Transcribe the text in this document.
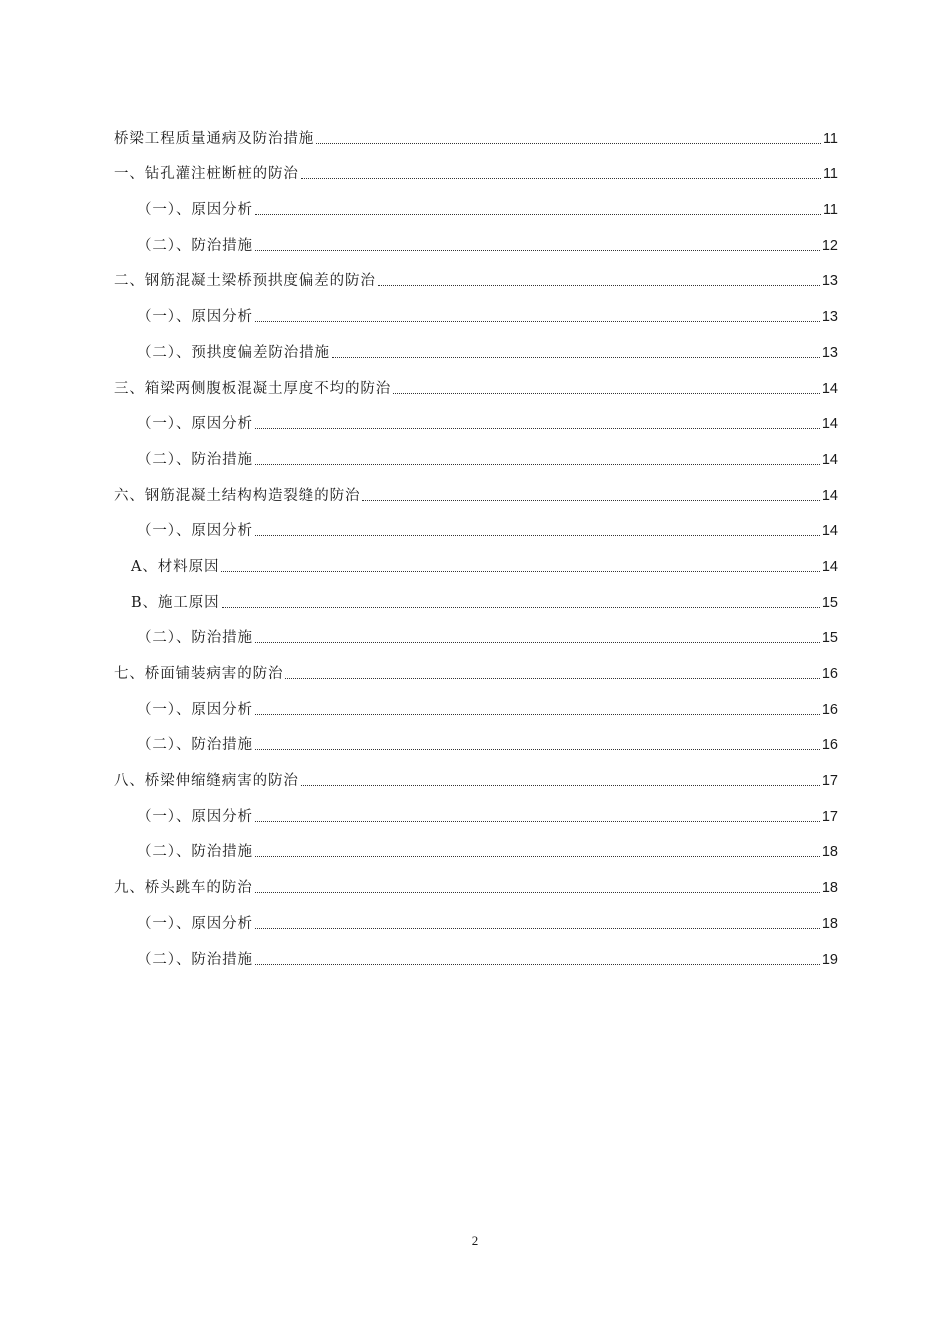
桥梁工程质量通病及防治措施	11
一、钻孔灌注桩断桩的防治	11
（一）、原因分析	11
（二）、防治措施	12
二、钢筋混凝土梁桥预拱度偏差的防治	13
（一）、原因分析	13
（二）、预拱度偏差防治措施	13
三、箱梁两侧腹板混凝土厚度不均的防治	14
（一）、原因分析	14
（二）、防治措施	14
六、钢筋混凝土结构构造裂缝的防治	14
（一）、原因分析	14
A、材料原因	14
B、施工原因	15
（二）、防治措施	15
七、桥面铺装病害的防治	16
（一）、原因分析	16
（二）、防治措施	16
八、桥梁伸缩缝病害的防治	17
（一）、原因分析	17
（二）、防治措施	18
九、桥头跳车的防治	18
（一）、原因分析	18
（二）、防治措施	19
2
